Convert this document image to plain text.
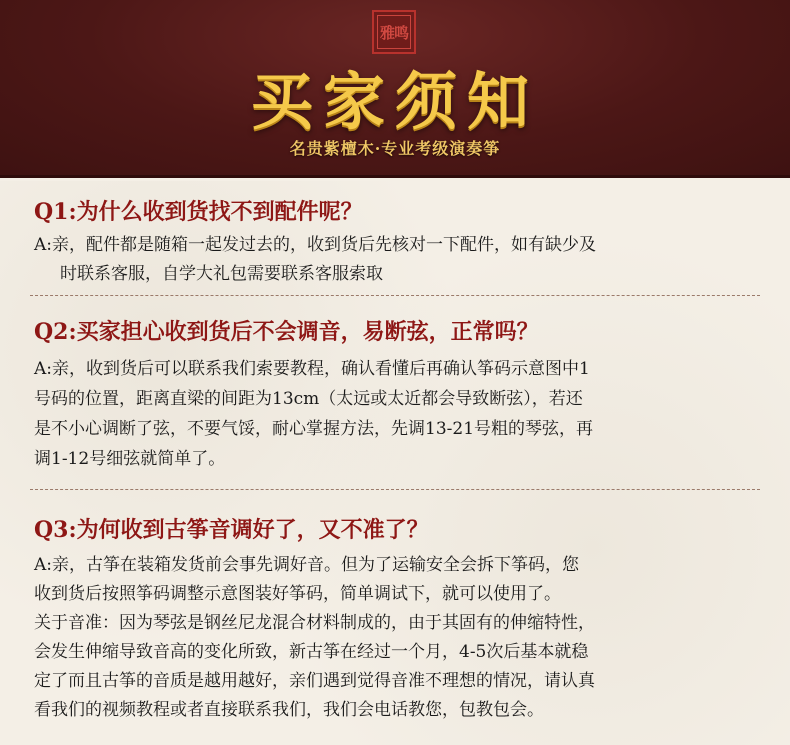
雅鸣
买家须知
名贵紫檀木·专业考级演奏筝
Q1:为什么收到货找不到配件呢？
A:亲，配件都是随箱一起发过去的，收到货后先核对一下配件，如有缺少及
时联系客服，自学大礼包需要联系客服索取
Q2:买家担心收到货后不会调音，易断弦，正常吗？
A:亲，收到货后可以联系我们索要教程，确认看懂后再确认筝码示意图中1
号码的位置，距离直梁的间距为13cm（太远或太近都会导致断弦），若还
是不小心调断了弦，不要气馁，耐心掌握方法，先调13-21号粗的琴弦，再
调1-12号细弦就简单了。
Q3:为何收到古筝音调好了，又不准了？
A:亲，古筝在装箱发货前会事先调好音。但为了运输安全会拆下筝码，您
收到货后按照筝码调整示意图装好筝码，简单调试下，就可以使用了。
关于音准：因为琴弦是钢丝尼龙混合材料制成的，由于其固有的伸缩特性，
会发生伸缩导致音高的变化所致，新古筝在经过一个月，4-5次后基本就稳
定了而且古筝的音质是越用越好，亲们遇到觉得音准不理想的情况，请认真
看我们的视频教程或者直接联系我们，我们会电话教您，包教包会。
